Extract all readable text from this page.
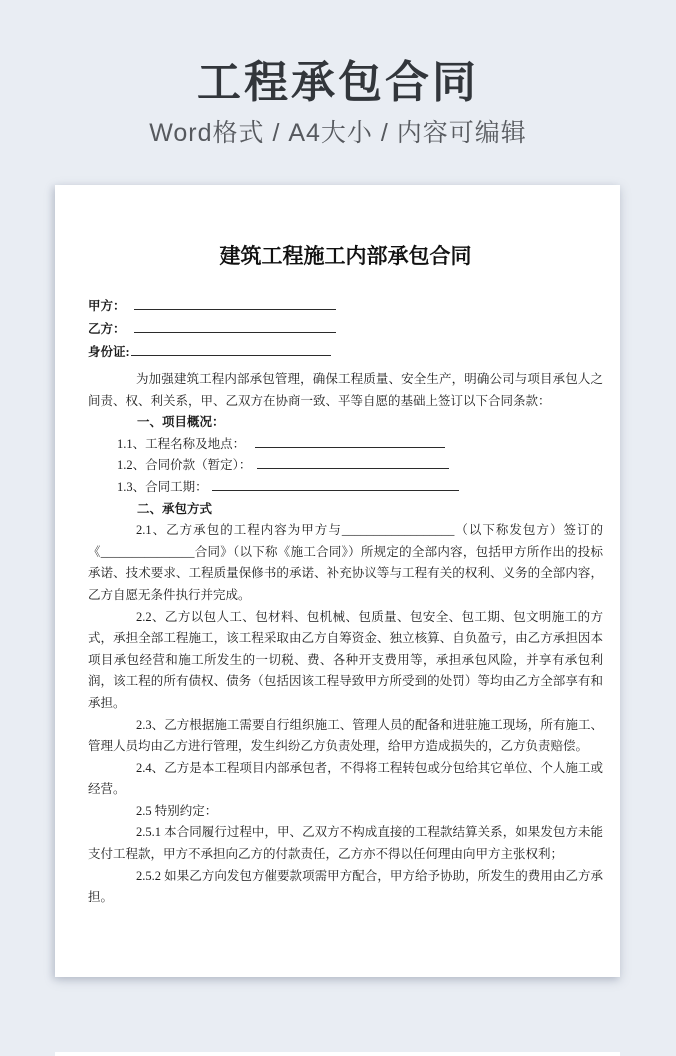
工程承包合同
Word格式 / A4大小 / 内容可编辑
建筑工程施工内部承包合同
甲方：
乙方：
身份证:

为加强建筑工程内部承包管理，确保工程质量、安全生产，明确公司与项目承包人之间责、权、利关系，甲、乙双方在协商一致、平等自愿的基础上签订以下合同条款：

一、项目概况：

1.1、工程名称及地点：
1.2、合同价款（暂定）：
1.3、合同工期：

二、承包方式

2.1、乙方承包的工程内容为甲方与__________________（以下称发包方）签订的《_______________合同》（以下称《施工合同》）所规定的全部内容，包括甲方所作出的投标承诺、技术要求、工程质量保修书的承诺、补充协议等与工程有关的权利、义务的全部内容，乙方自愿无条件执行并完成。

2.2、乙方以包人工、包材料、包机械、包质量、包安全、包工期、包文明施工的方式，承担全部工程施工，该工程采取由乙方自筹资金、独立核算、自负盈亏，由乙方承担因本项目承包经营和施工所发生的一切税、费、各种开支费用等，承担承包风险，并享有承包利润，该工程的所有债权、债务（包括因该工程导致甲方所受到的处罚）等均由乙方全部享有和承担。

2.3、乙方根据施工需要自行组织施工、管理人员的配备和进驻施工现场，所有施工、管理人员均由乙方进行管理，发生纠纷乙方负责处理，给甲方造成损失的，乙方负责赔偿。

2.4、乙方是本工程项目内部承包者，不得将工程转包或分包给其它单位、个人施工或经营。

2.5 特别约定：

2.5.1 本合同履行过程中，甲、乙双方不构成直接的工程款结算关系，如果发包方未能支付工程款，甲方不承担向乙方的付款责任，乙方亦不得以任何理由向甲方主张权利；

2.5.2 如果乙方向发包方催要款项需甲方配合，甲方给予协助，所发生的费用由乙方承担。
